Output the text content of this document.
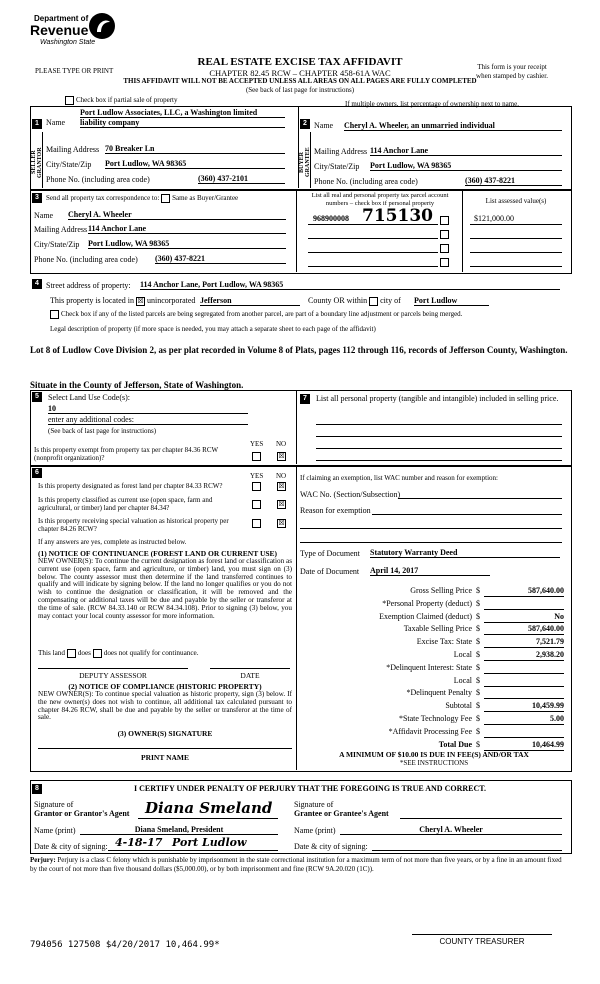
Department of
Revenue
Washington State
REAL ESTATE EXCISE TAX AFFIDAVIT
PLEASE TYPE OR PRINT	CHAPTER 82.45 RCW – CHAPTER 458-61A WAC
This form is your receipt
when stamped by cashier.
THIS AFFIDAVIT WILL NOT BE ACCEPTED UNLESS ALL AREAS ON ALL PAGES ARE FULLY COMPLETED
(See back of last page for instructions)
Check box if partial sale of property	If multiple owners, list percentage of ownership next to name.
1	2
SELLER GRANTOR
Name
Port Ludlow Associates, LLC, a Washington limited
liability company
Mailing Address 70 Breaker Ln
City/State/Zip Port Ludlow, WA 98365
Phone No. (including area code)	(360) 437-2101
Name Cheryl A. Wheeler, an unmarried individual
BUYER GRANTEE Mailing Address 114 Anchor Lane
City/State/Zip Port Ludlow, WA 98365
Phone No. (including area code)	(360) 437-8221
3	Send all property tax correspondence to: Same as Buyer/Grantee
Name Cheryl A. Wheeler
Mailing Address 114 Anchor Lane
City/State/Zip Port Ludlow, WA 98365
Phone No. (including area code) (360) 437-8221
List all real and personal property tax parcel account
numbers – check box if personal property	List assessed value(s)
968900008 715130	$121,000.00
4 Street address of property: 114 Anchor Lane, Port Ludlow, WA 98365
This property is located in ☒ unincorporated Jefferson	County OR within city of Port Ludlow
Check box if any of the listed parcels are being segregated from another parcel, are part of a boundary line adjustment or parcels being merged.
Legal description of property (if more space is needed, you may attach a separate sheet to each page of the affidavit)
Lot 8 of Ludlow Cove Division 2, as per plat recorded in Volume 8 of Plats, pages 112 through 116, records of Jefferson County, Washington.
Situate in the County of Jefferson, State of Washington.
5	Select Land Use Code(s):
10
enter any additional codes:
(See back of last page for instructions)
YES NO
Is this property exempt from property tax per chapter 84.36 RCW (nonprofit organization)?	☒
7	List all personal property (tangible and intangible) included in selling price.
6	YES NO
Is this property designated as forest land per chapter 84.33 RCW?	☒
Is this property classified as current use (open space, farm and agricultural, or timber) land per chapter 84.34?	☒
Is this property receiving special valuation as historical property per chapter 84.26 RCW?
☒
If any answers are yes, complete as instructed below.
(1) NOTICE OF CONTINUANCE (FOREST LAND OR CURRENT USE)
NEW OWNER(S): To continue the current designation as forest land or classification as current use (open space, farm and agriculture, or timber) land, you must sign on (3) below. The county assessor must then determine if the land transferred continues to qualify and will indicate by signing below. If the land no longer qualifies or you do not wish to continue the designation or classification, it will be removed and the compensating or additional taxes will be due and payable by the seller or transferor at the time of sale. (RCW 84.33.140 or RCW 84.34.108). Prior to signing (3) below, you may contact your local county assessor for more information.
This land does does not qualify for continuance.
DEPUTY ASSESSOR	DATE
(2) NOTICE OF COMPLIANCE (HISTORIC PROPERTY)
NEW OWNER(S): To continue special valuation as historic property, sign (3) below. If the new owner(s) does not wish to continue, all additional tax calculated pursuant to chapter 84.26 RCW, shall be due and payable by the seller or transferor at the time of sale.
(3) OWNER(S) SIGNATURE
PRINT NAME
If claiming an exemption, list WAC number and reason for exemption:
WAC No. (Section/Subsection)
Reason for exemption
Type of Document Statutory Warranty Deed
Date of Document April 14, 2017
Gross Selling Price $	587,640.00
*Personal Property (deduct) $
Exemption Claimed (deduct) $	No
Taxable Selling Price $	587,640.00
Excise Tax: State $	7,521.79
Local $	2,938.20
*Delinquent Interest: State $
Local $
*Delinquent Penalty $
Subtotal $	10,459.99
*State Technology Fee $	5.00
*Affidavit Processing Fee $
Total Due $	10,464.99
A MINIMUM OF $10.00 IS DUE IN FEE(S) AND/OR TAX
*SEE INSTRUCTIONS
8	I CERTIFY UNDER PENALTY OF PERJURY THAT THE FOREGOING IS TRUE AND CORRECT.
Signature of
Grantor or Grantor's Agent Diana Smeland
Name (print)	Diana Smeland, President
Date & city of signing: 4-18-17 Port Ludlow
Signature of
Grantee or Grantee's Agent
Name (print)	Cheryl A. Wheeler
Date & city of signing:
Perjury: Perjury is a class C felony which is punishable by imprisonment in the state correctional institution for a maximum term of not more than five years, or by a fine in an amount fixed by the court of not more than five thousand dollars ($5,000.00), or by both imprisonment and fine (RCW 9A.20.020 (1C)).
794056 127508 $4/20/2017 10,464.99*	COUNTY TREASURER
